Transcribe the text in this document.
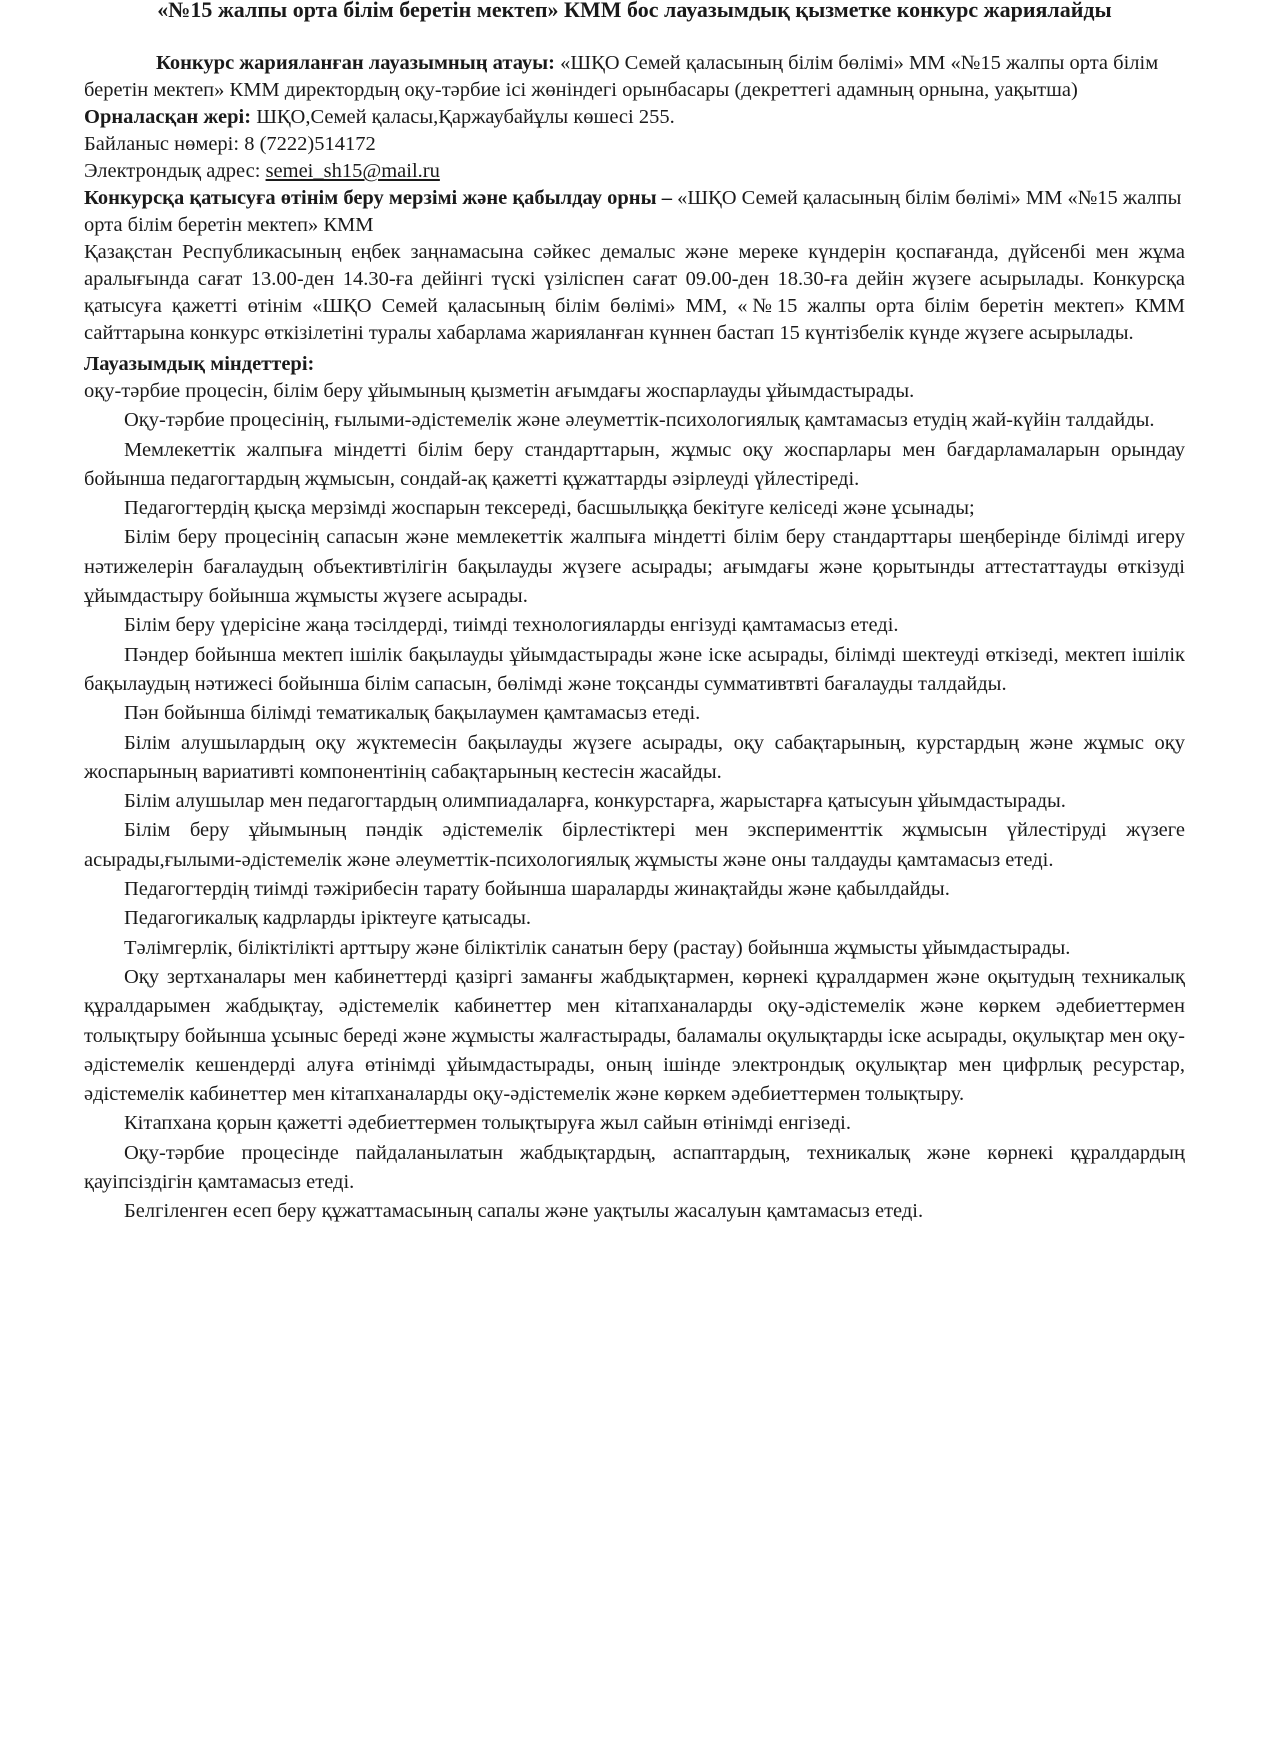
«№15 жалпы орта білім беретін мектеп» КММ бос лауазымдық қызметке конкурс жариялайды

Конкурс жарияланған лауазымның атауы: «ШҚО Семей қаласының білім бөлімі» ММ «№15 жалпы орта білім беретін мектеп» КММ директордың оқу-тәрбие ісі жөніндегі орынбасары (декреттегі адамның орнына, уақытша)

Орналасқан жері: ШҚО,Семей қаласы,Қаржаубайұлы көшесі 255.

Байланыс нөмері: 8 (7222)514172

Электрондық адрес: semei_sh15@mail.ru

Конкурсқа қатысуға өтінім беру мерзімі және қабылдау орны – «ШҚО Семей қаласының білім бөлімі» ММ «№15 жалпы орта білім беретін мектеп» КММ

Қазақстан Республикасының еңбек заңнамасына сәйкес демалыс және мереке күндерін қоспағанда, дүйсенбі мен жұма аралығында сағат 13.00-ден 14.30-ға дейінгі түскі үзіліспен сағат 09.00-ден 18.30-ға дейін жүзеге асырылады. Конкурсқа қатысуға қажетті өтінім «ШҚО Семей қаласының білім бөлімі» ММ, «№15 жалпы орта білім беретін мектеп» КММ сайттарына конкурс өткізілетіні туралы хабарлама жарияланған күннен бастап 15 күнтізбелік күнде жүзеге асырылады.

Лауазымдық міндеттері:

оқу-тәрбие процесін, білім беру ұйымының қызметін ағымдағы жоспарлауды ұйымдастырады.

Оқу-тәрбие процесінің, ғылыми-әдістемелік және әлеуметтік-психологиялық қамтамасыз етудің жай-күйін талдайды.

Мемлекеттік жалпыға міндетті білім беру стандарттарын, жұмыс оқу жоспарлары мен бағдарламаларын орындау бойынша педагогтардың жұмысын, сондай-ақ қажетті құжаттарды әзірлеуді үйлестіреді.

Педагогтердің қысқа мерзімді жоспарын тексереді, басшылыққа бекітуге келіседі және ұсынады;

Білім беру процесінің сапасын және мемлекеттік жалпыға міндетті білім беру стандарттары шеңберінде білімді игеру нәтижелерін бағалаудың объективтілігін бақылауды жүзеге асырады; ағымдағы және қорытынды аттестаттауды өткізуді ұйымдастыру бойынша жұмысты жүзеге асырады.

Білім беру үдерісіне жаңа тәсілдерді, тиімді технологияларды енгізуді қамтамасыз етеді.

Пәндер бойынша мектеп ішілік бақылауды ұйымдастырады және іске асырады, білімді шектеуді өткізеді, мектеп ішілік бақылаудың нәтижесі бойынша білім сапасын, бөлімді және тоқсанды суммативтвті бағалауды талдайды.

Пән бойынша білімді тематикалық бақылаумен қамтамасыз етеді.

Білім алушылардың оқу жүктемесін бақылауды жүзеге асырады, оқу сабақтарының, курстардың және жұмыс оқу жоспарының вариативті компонентінің сабақтарының кестесін жасайды.

Білім алушылар мен педагогтардың олимпиадаларға, конкурстарға, жарыстарға қатысуын ұйымдастырады.

Білім беру ұйымының пәндік әдістемелік бірлестіктері мен эксперименттік жұмысын үйлестіруді жүзеге асырады,ғылыми-әдістемелік және әлеуметтік-психологиялық жұмысты және оны талдауды қамтамасыз етеді.

Педагогтердің тиімді тәжірибесін тарату бойынша шараларды жинақтайды және қабылдайды.

Педагогикалық кадрларды іріктеуге қатысады.

Тәлімгерлік, біліктілікті арттыру және біліктілік санатын беру (растау) бойынша жұмысты ұйымдастырады.

Оқу зертханалары мен кабинеттерді қазіргі заманғы жабдықтармен, көрнекі құралдармен және оқытудың техникалық құралдарымен жабдықтау, әдістемелік кабинеттер мен кітапханаларды оқу-әдістемелік және көркем әдебиеттермен толықтыру бойынша ұсыныс береді және жұмысты жалғастырады, баламалы оқулықтарды іске асырады, оқулықтар мен оқу-әдістемелік кешендерді алуға өтінімді ұйымдастырады, оның ішінде электрондық оқулықтар мен цифрлық ресурстар, әдістемелік кабинеттер мен кітапханаларды оқу-әдістемелік және көркем әдебиеттермен толықтыру.

Кітапхана қорын қажетті әдебиеттермен толықтыруға жыл сайын өтінімді енгізеді.

Оқу-тәрбие процесінде пайдаланылатын жабдықтардың, аспаптардың, техникалық және көрнекі құралдардың қауіпсіздігін қамтамасыз етеді.

Белгіленген есеп беру құжаттамасының сапалы және уақтылы жасалуын қамтамасыз етеді.
